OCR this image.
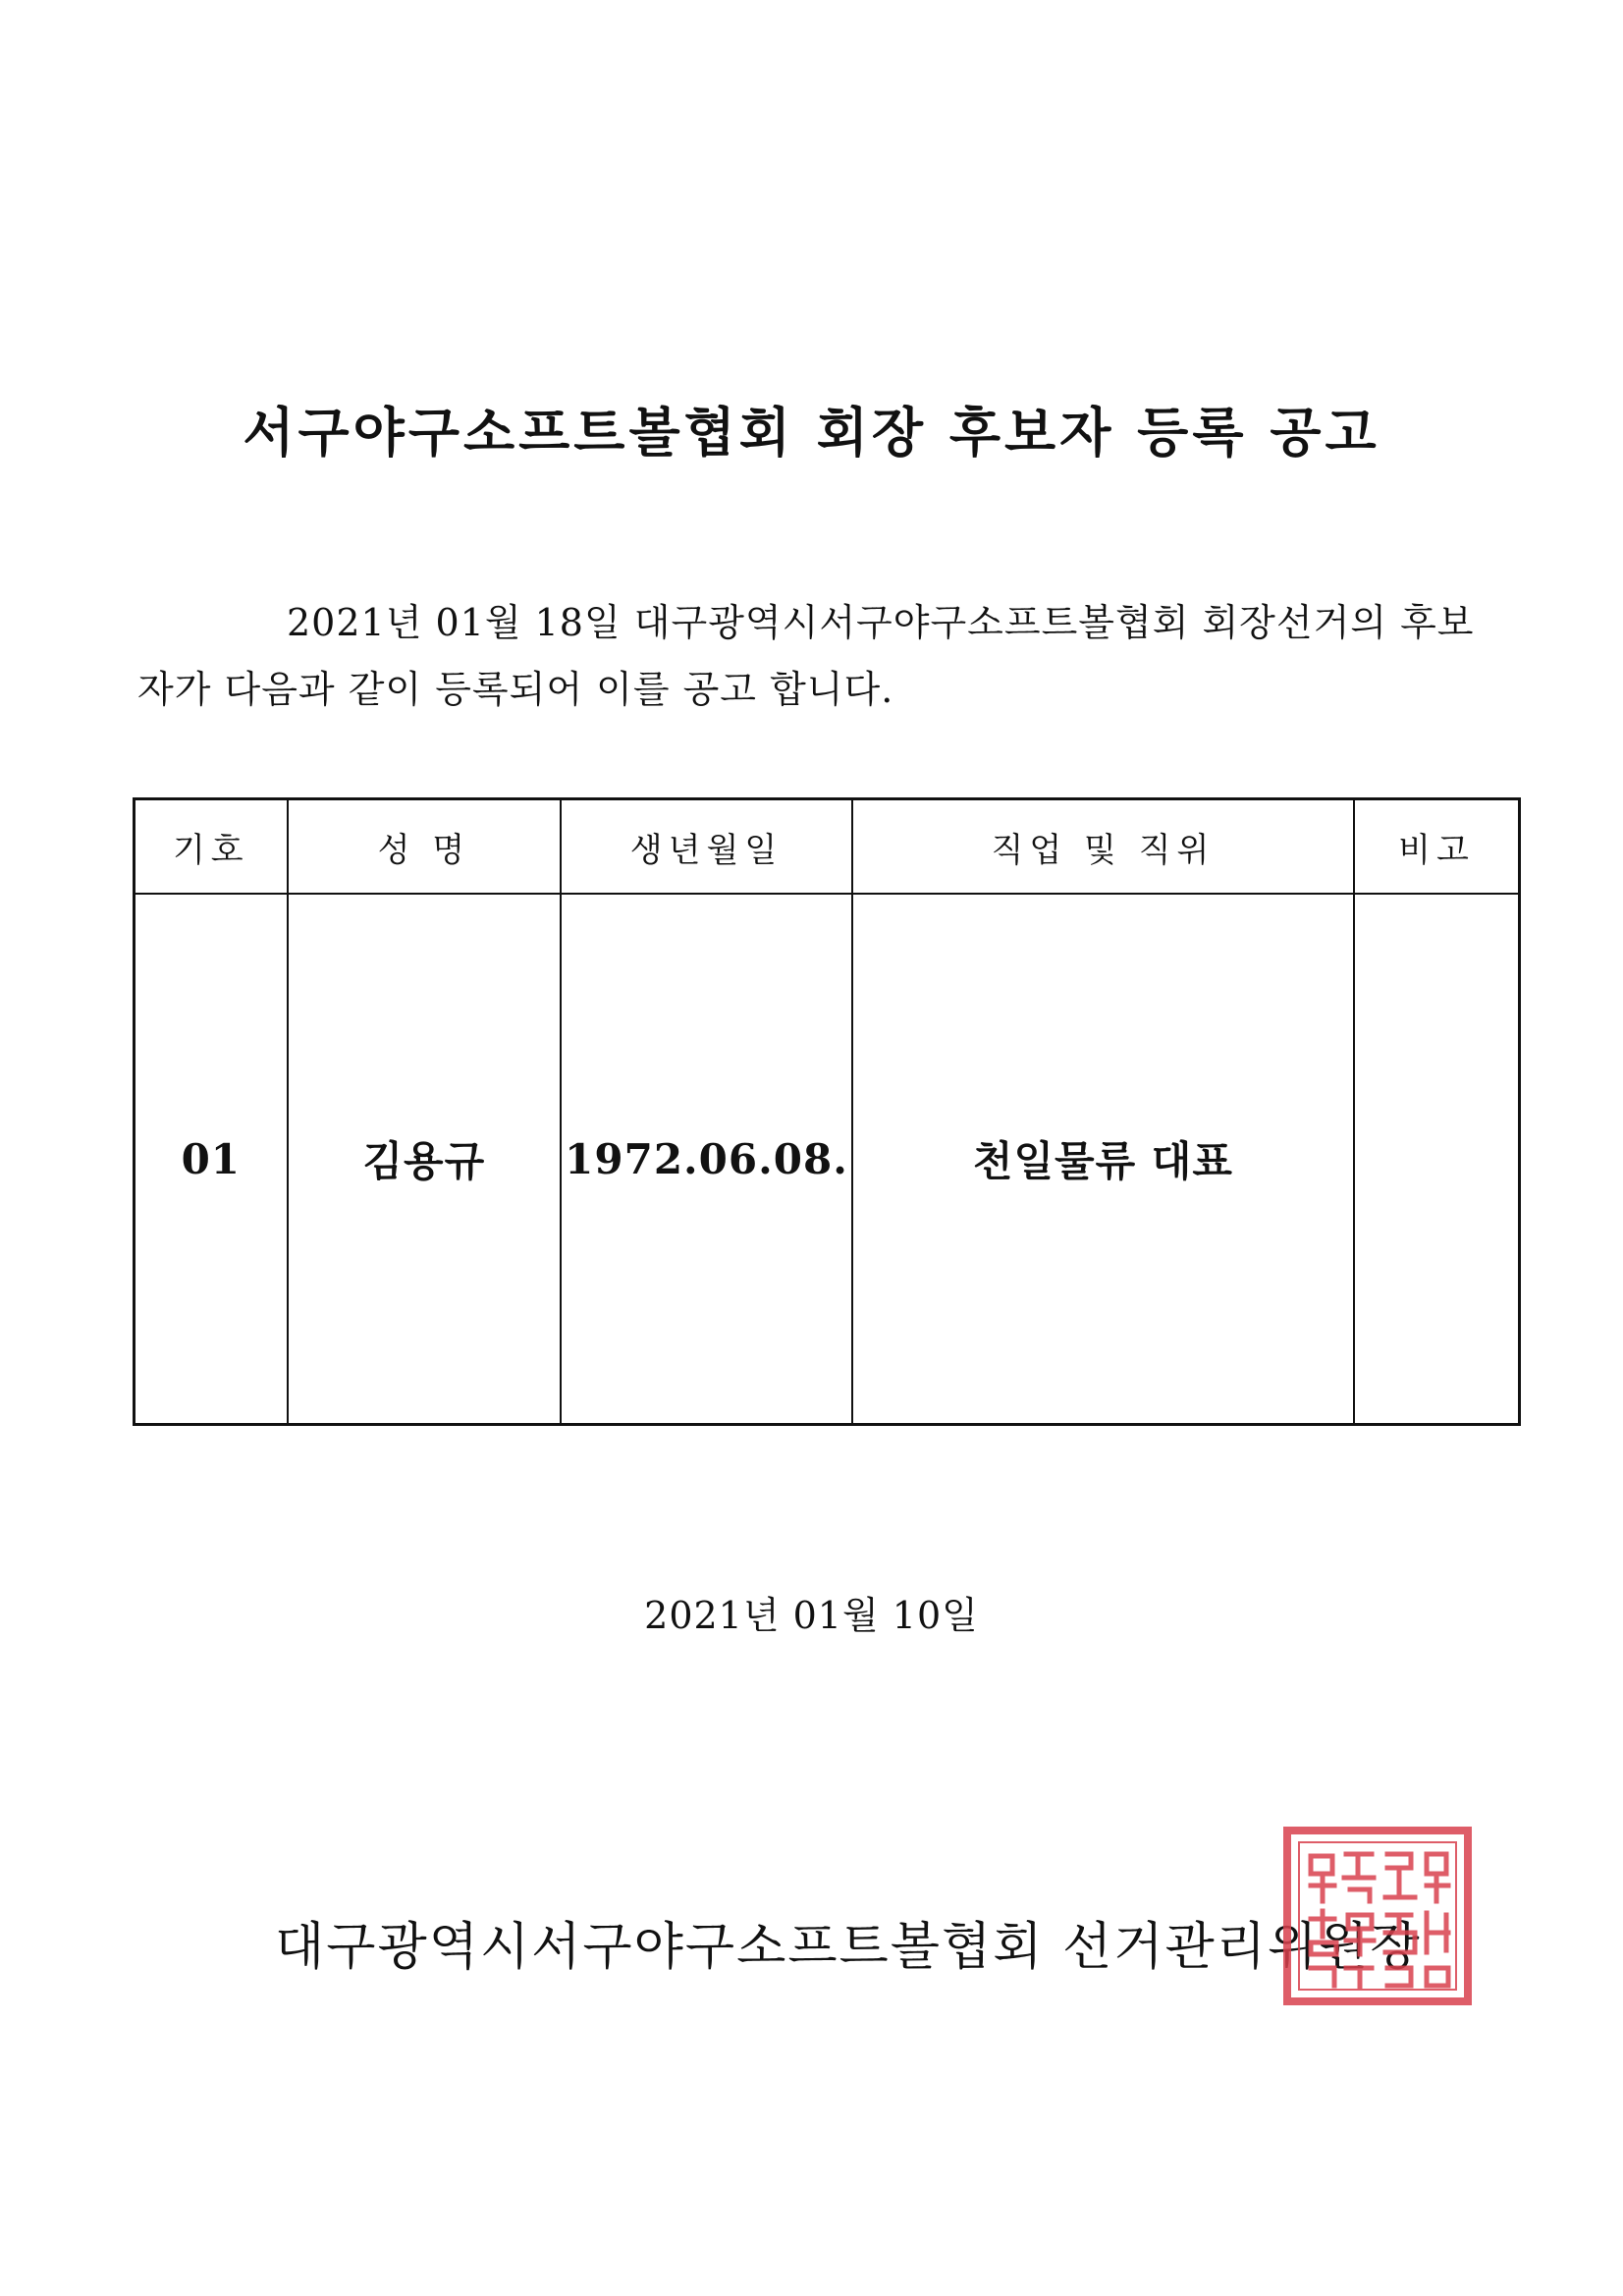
서구야구소프트볼협회 회장 후보자 등록 공고
2021년 01월 18일 대구광역시서구야구소프트볼협회 회장선거의 후보
자가 다음과 같이 등록되어 이를 공고 합니다.
기호	성 명	생년월일	직업 및 직위	비고
01	김용규	1972.06.08.	천일물류 대표	
2021년 01월 10일
대구광역시서구야구소프트볼협회 선거관리위원장
